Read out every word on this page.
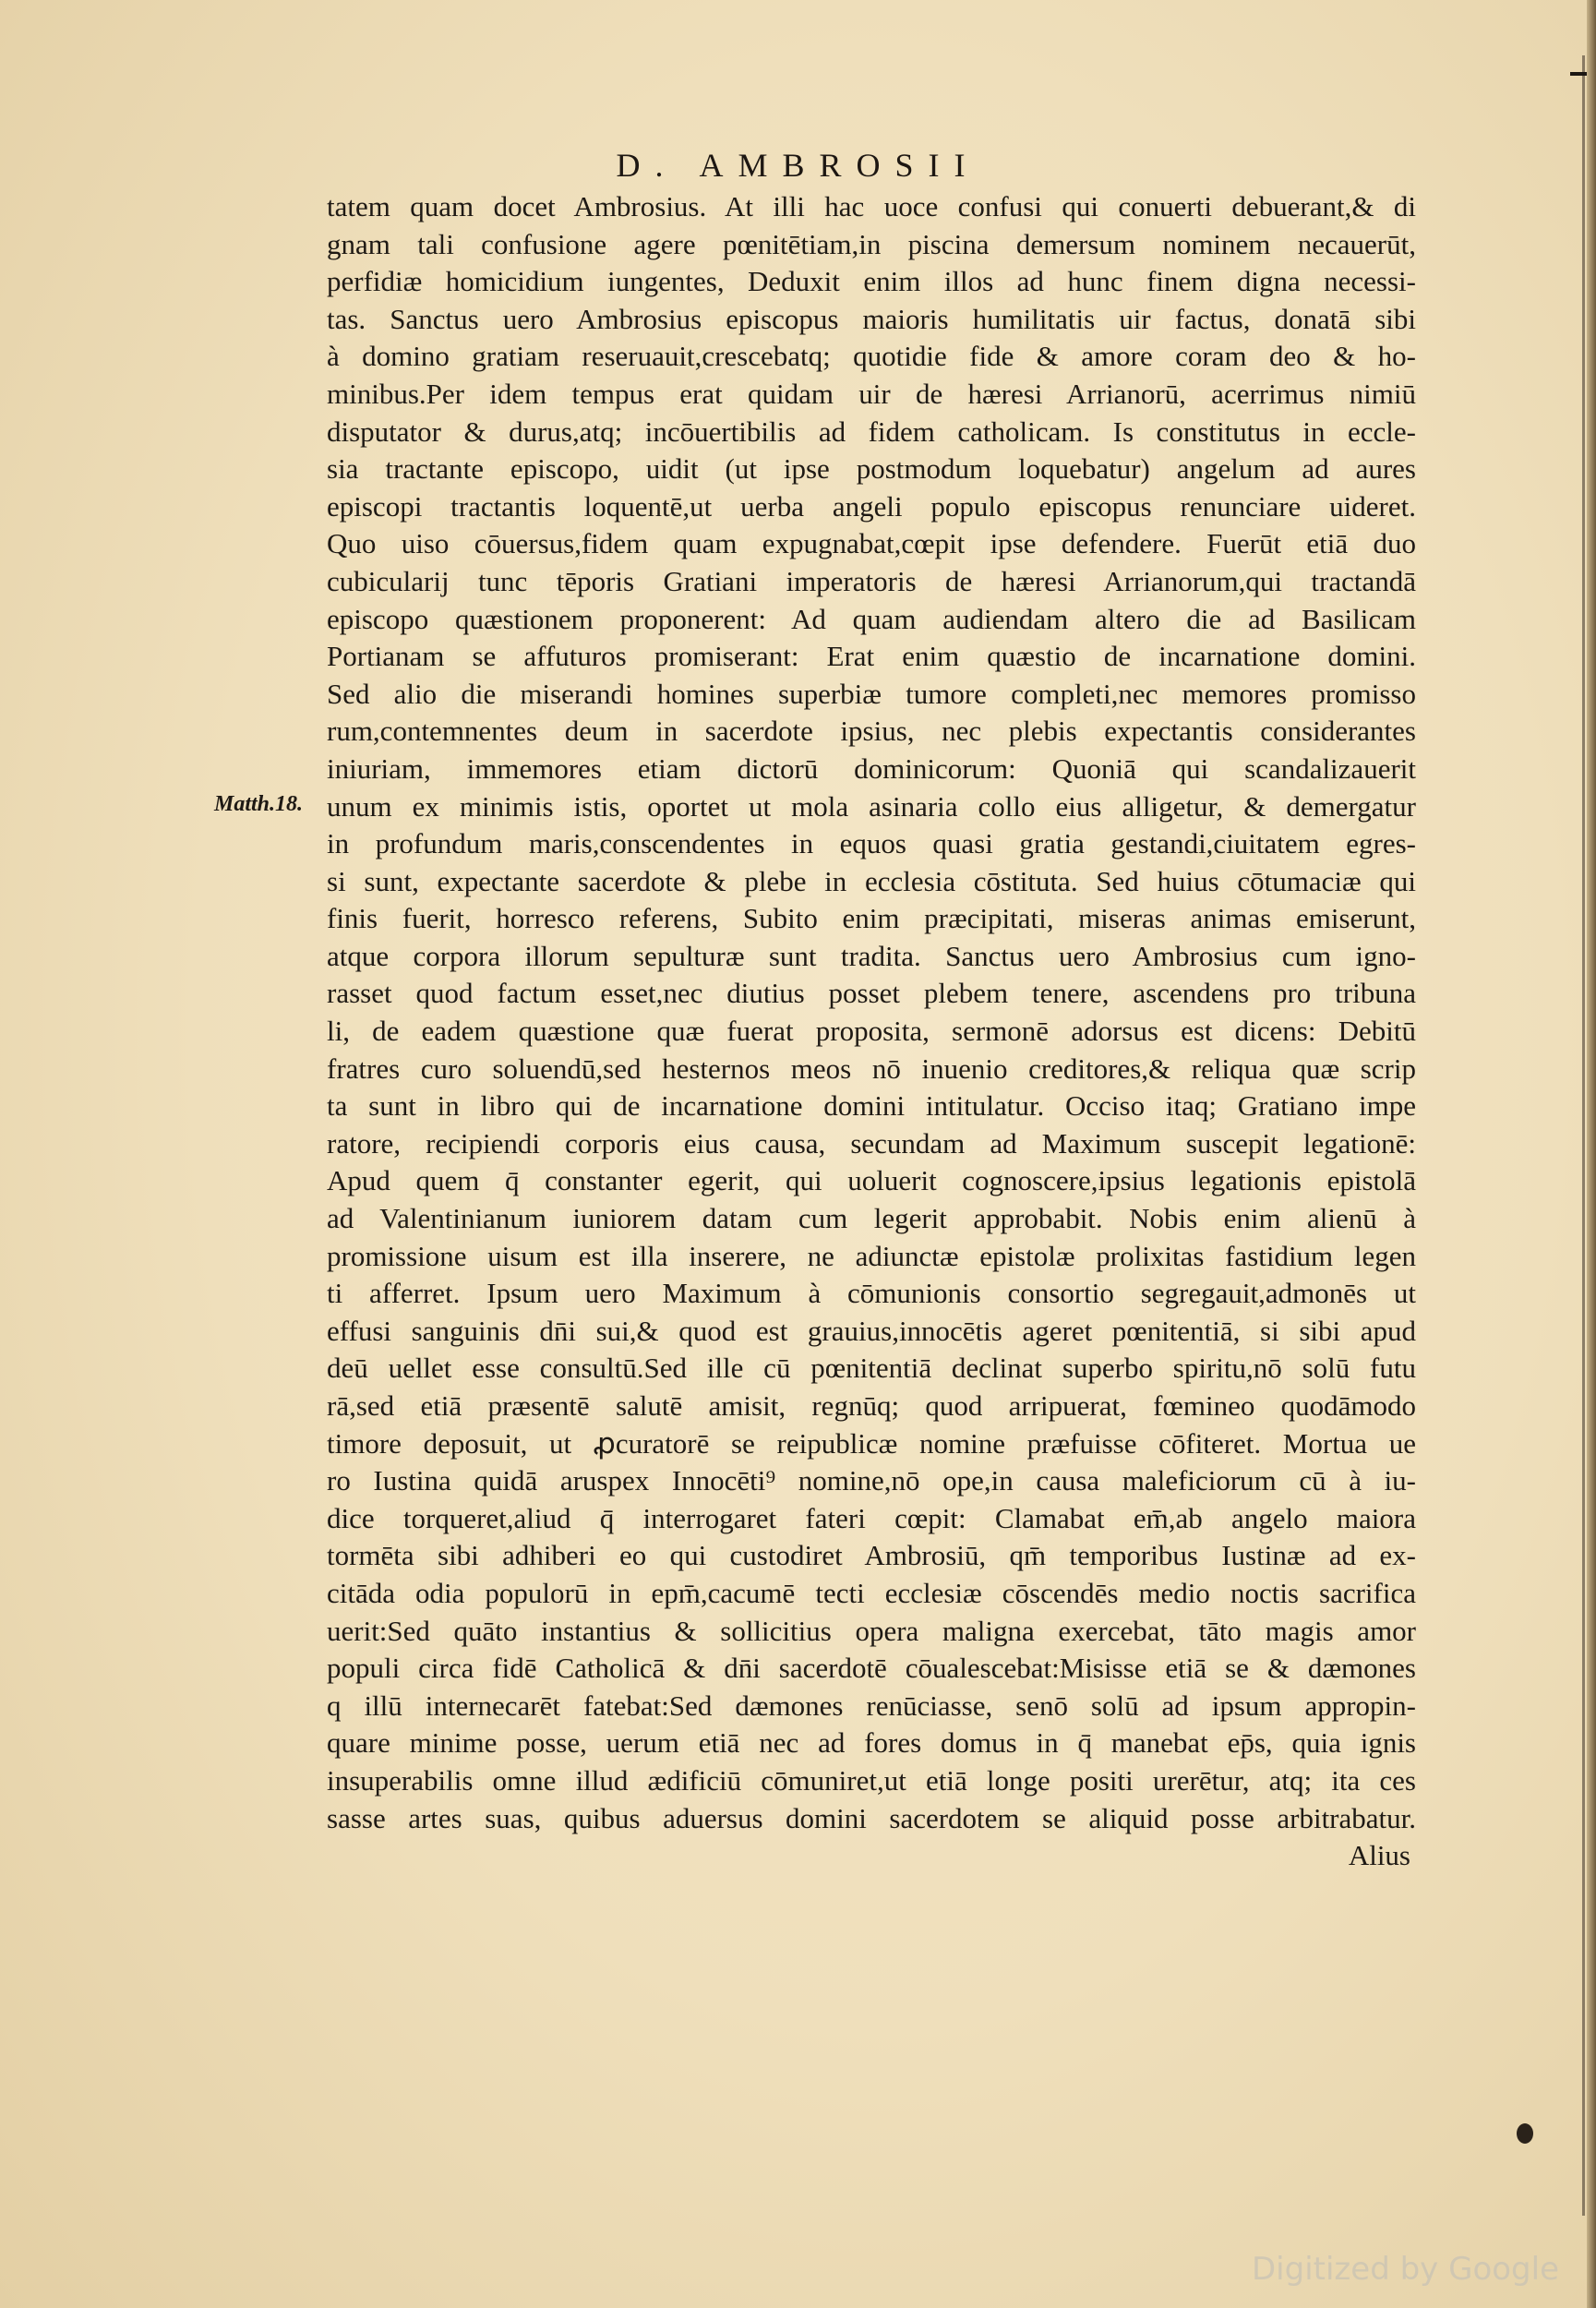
D. AMBROSII
Matth.18.
tatem quam docet Ambrosius. At illi hac uoce confusi qui conuerti debuerant,& di
gnam tali confusione agere pœnitētiam,in piscina demersum nominem necauerūt,
perfidiæ homicidium iungentes, Deduxit enim illos ad hunc finem digna necessi-
tas. Sanctus uero Ambrosius episcopus maioris humilitatis uir factus, donatā sibi
à domino gratiam reseruauit,crescebatq; quotidie fide & amore coram deo & ho-
minibus.Per idem tempus erat quidam uir de hæresi Arrianorū, acerrimus nimiū
disputator & durus,atq; incōuertibilis ad fidem catholicam. Is constitutus in eccle-
sia tractante episcopo, uidit (ut ipse postmodum loquebatur) angelum ad aures
episcopi tractantis loquentē,ut uerba angeli populo episcopus renunciare uideret.
Quo uiso cōuersus,fidem quam expugnabat,cœpit ipse defendere. Fuerūt etiā duo
cubicularij tunc tēporis Gratiani imperatoris de hæresi Arrianorum,qui tractandā
episcopo quæstionem proponerent: Ad quam audiendam altero die ad Basilicam
Portianam se affuturos promiserant: Erat enim quæstio de incarnatione domini.
Sed alio die miserandi homines superbiæ tumore completi,nec memores promisso
rum,contemnentes deum in sacerdote ipsius, nec plebis expectantis considerantes
iniuriam, immemores etiam dictorū dominicorum: Quoniā qui scandalizauerit
unum ex minimis istis, oportet ut mola asinaria collo eius alligetur, & demergatur
in profundum maris,conscendentes in equos quasi gratia gestandi,ciuitatem egres-
si sunt, expectante sacerdote & plebe in ecclesia cōstituta. Sed huius cōtumaciæ qui
finis fuerit, horresco referens, Subito enim præcipitati, miseras animas emiserunt,
atque corpora illorum sepulturæ sunt tradita. Sanctus uero Ambrosius cum igno-
rasset quod factum esset,nec diutius posset plebem tenere, ascendens pro tribuna
li, de eadem quæstione quæ fuerat proposita, sermonē adorsus est dicens: Debitū
fratres curo soluendū,sed hesternos meos nō inuenio creditores,& reliqua quæ scrip
ta sunt in libro qui de incarnatione domini intitulatur. Occiso itaq; Gratiano impe
ratore, recipiendi corporis eius causa, secundam ad Maximum suscepit legationē:
Apud quem q̄ constanter egerit, qui uoluerit cognoscere,ipsius legationis epistolā
ad Valentinianum iuniorem datam cum legerit approbabit. Nobis enim alienū à
promissione uisum est illa inserere, ne adiunctæ epistolæ prolixitas fastidium legen
ti afferret. Ipsum uero Maximum à cōmunionis consortio segregauit,admonēs ut
effusi sanguinis dn̄i sui,& quod est grauius,innocētis ageret pœnitentiā, si sibi apud
deū uellet esse consultū.Sed ille cū pœnitentiā declinat superbo spiritu,nō solū futu
rā,sed etiā præsentē salutē amisit, regnūq; quod arripuerat, fœmineo quodāmodo
timore deposuit, ut ꝓcuratorē se reipublicæ nomine præfuisse cōfiteret. Mortua ue
ro Iustina quidā aruspex Innocēti⁹ nomine,nō ope,in causa maleficiorum cū à iu-
dice torqueret,aliud q̄ interrogaret fateri cœpit: Clamabat em̄,ab angelo maiora
tormēta sibi adhiberi eo qui custodiret Ambrosiū, qm̄ temporibus Iustinæ ad ex-
citāda odia populorū in epm̄,cacumē tecti ecclesiæ cōscendēs medio noctis sacrifica
uerit:Sed quāto instantius & sollicitius opera maligna exercebat, tāto magis amor
populi circa fidē Catholicā & dn̄i sacerdotē cōualescebat:Misisse etiā se & dæmones
q illū internecarēt fatebat:Sed dæmones renūciasse, senō solū ad ipsum appropin-
quare minime posse, uerum etiā nec ad fores domus in q̄ manebat ep̄s, quia ignis
insuperabilis omne illud ædificiū cōmuniret,ut etiā longe positi urerētur, atq; ita ces
sasse artes suas, quibus aduersus domini sacerdotem se aliquid posse arbitrabatur.
Alius
Digitized by Google
